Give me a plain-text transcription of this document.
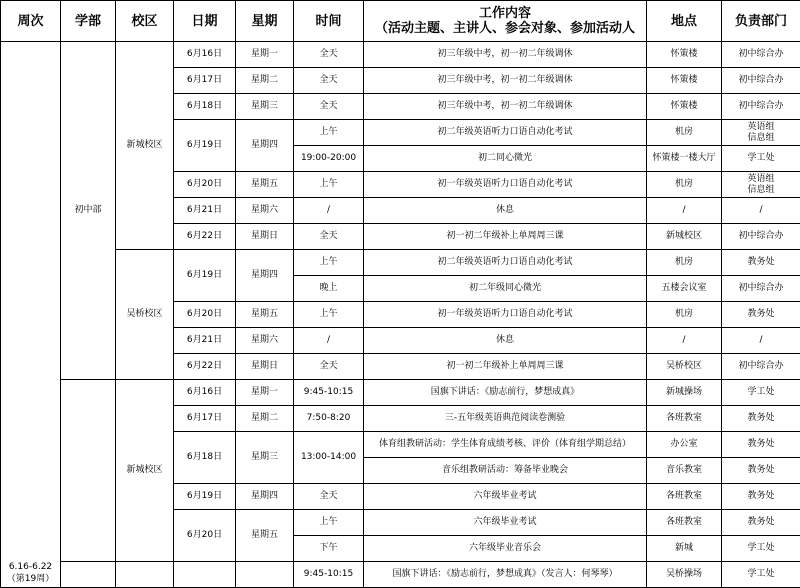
周次	学部	校区	日期	星期	时间	工作内容
（活动主题、主讲人、参会对象、参加活动人	地点	负责部门
6.16-6.22
（第19周）	初中部	新城校区	6月16日	星期一	全天	初三年级中考，初一初二年级调休	怀策楼	初中综合办
			6月17日	星期二	全天	初三年级中考，初一初二年级调休	怀策楼	初中综合办
			6月18日	星期三	全天	初三年级中考，初一初二年级调休	怀策楼	初中综合办
			6月19日	星期四	上午	初二年级英语听力口语自动化考试	机房	英语组
信息组
					19:00-20:00	初二同心微光	怀策楼一楼大厅	学工处
			6月20日	星期五	上午	初一年级英语听力口语自动化考试	机房	英语组
信息组
			6月21日	星期六	/	休息	/	/
			6月22日	星期日	全天	初一初二年级补上单周周三课	新城校区	初中综合办
		吴桥校区	6月19日	星期四	上午	初二年级英语听力口语自动化考试	机房	教务处
					晚上	初二年级同心微光	五楼会议室	初中综合办
			6月20日	星期五	上午	初一年级英语听力口语自动化考试	机房	教务处
			6月21日	星期六	/	休息	/	/
			6月22日	星期日	全天	初一初二年级补上单周周三课	吴桥校区	初中综合办
		新城校区	6月16日	星期一	9:45-10:15	国旗下讲话：《励志前行，梦想成真》	新城操场	学工处
			6月17日	星期二	7:50-8:20	三-五年级英语典范阅读卷测验	各班教室	教务处
			6月18日	星期三	13:00-14:00	体育组教研活动：学生体育成绩考核、评价（体育组学期总结）	办公室	教务处
						音乐组教研活动：筹备毕业晚会	音乐教室	教务处
			6月19日	星期四	全天	六年级毕业考试	各班教室	教务处
			6月20日	星期五	上午	六年级毕业考试	各班教室	教务处
					下午	六年级毕业音乐会	新城	学工处
					9:45-10:15	国旗下讲话：《励志前行，梦想成真》（发言人：何琴琴）	吴桥操场	学工处
